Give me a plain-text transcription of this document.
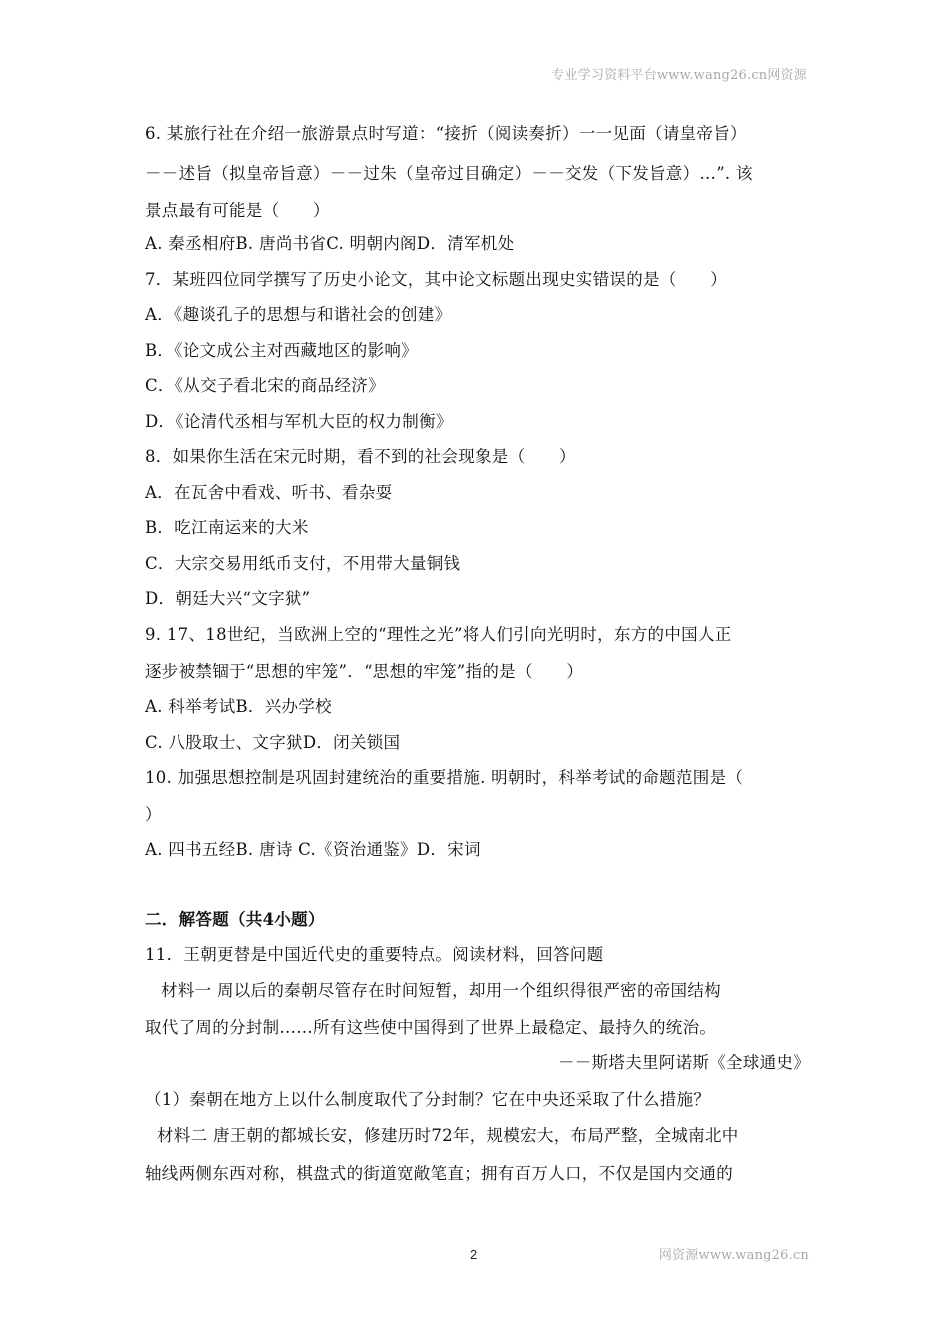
专业学习资料平台www.wang26.cn网资源
6. 某旅行社在介绍一旅游景点时写道：“接折（阅读奏折）一一见面（请皇帝旨）
－－述旨（拟皇帝旨意）－－过朱（皇帝过目确定）－－交发（下发旨意）…”. 该
景点最有可能是（　　）
A. 秦丞相府B. 唐尚书省C. 明朝内阁D．清军机处
7．某班四位同学撰写了历史小论文，其中论文标题出现史实错误的是（　　）
A．《趣谈孔子的思想与和谐社会的创建》
B．《论文成公主对西藏地区的影响》
C．《从交子看北宋的商品经济》
D．《论清代丞相与军机大臣的权力制衡》
8．如果你生活在宋元时期，看不到的社会现象是（　　）
A．在瓦舍中看戏、听书、看杂耍
B．吃江南运来的大米
C．大宗交易用纸币支付，不用带大量铜钱
D．朝廷大兴“文字狱”
9. 17、18世纪，当欧洲上空的“理性之光”将人们引向光明时，东方的中国人正
逐步被禁锢于“思想的牢笼”．“思想的牢笼”指的是（　　）
A. 科举考试B．兴办学校
C. 八股取士、文字狱D．闭关锁国
10. 加强思想控制是巩固封建统治的重要措施. 明朝时，科举考试的命题范围是（
）
A. 四书五经B. 唐诗 C.《资治通鉴》D．宋词
二．解答题（共4小题）
11．王朝更替是中国近代史的重要特点。阅读材料，回答问题
材料一 周以后的秦朝尽管存在时间短暂，却用一个组织得很严密的帝国结构
取代了周的分封制……所有这些使中国得到了世界上最稳定、最持久的统治。
－－斯塔夫里阿诺斯《全球通史》
（1）秦朝在地方上以什么制度取代了分封制？它在中央还采取了什么措施？
材料二 唐王朝的都城长安，修建历时72年，规模宏大，布局严整，全城南北中
轴线两侧东西对称，棋盘式的街道宽敞笔直；拥有百万人口，不仅是国内交通的
2	网资源www.wang26.cn
